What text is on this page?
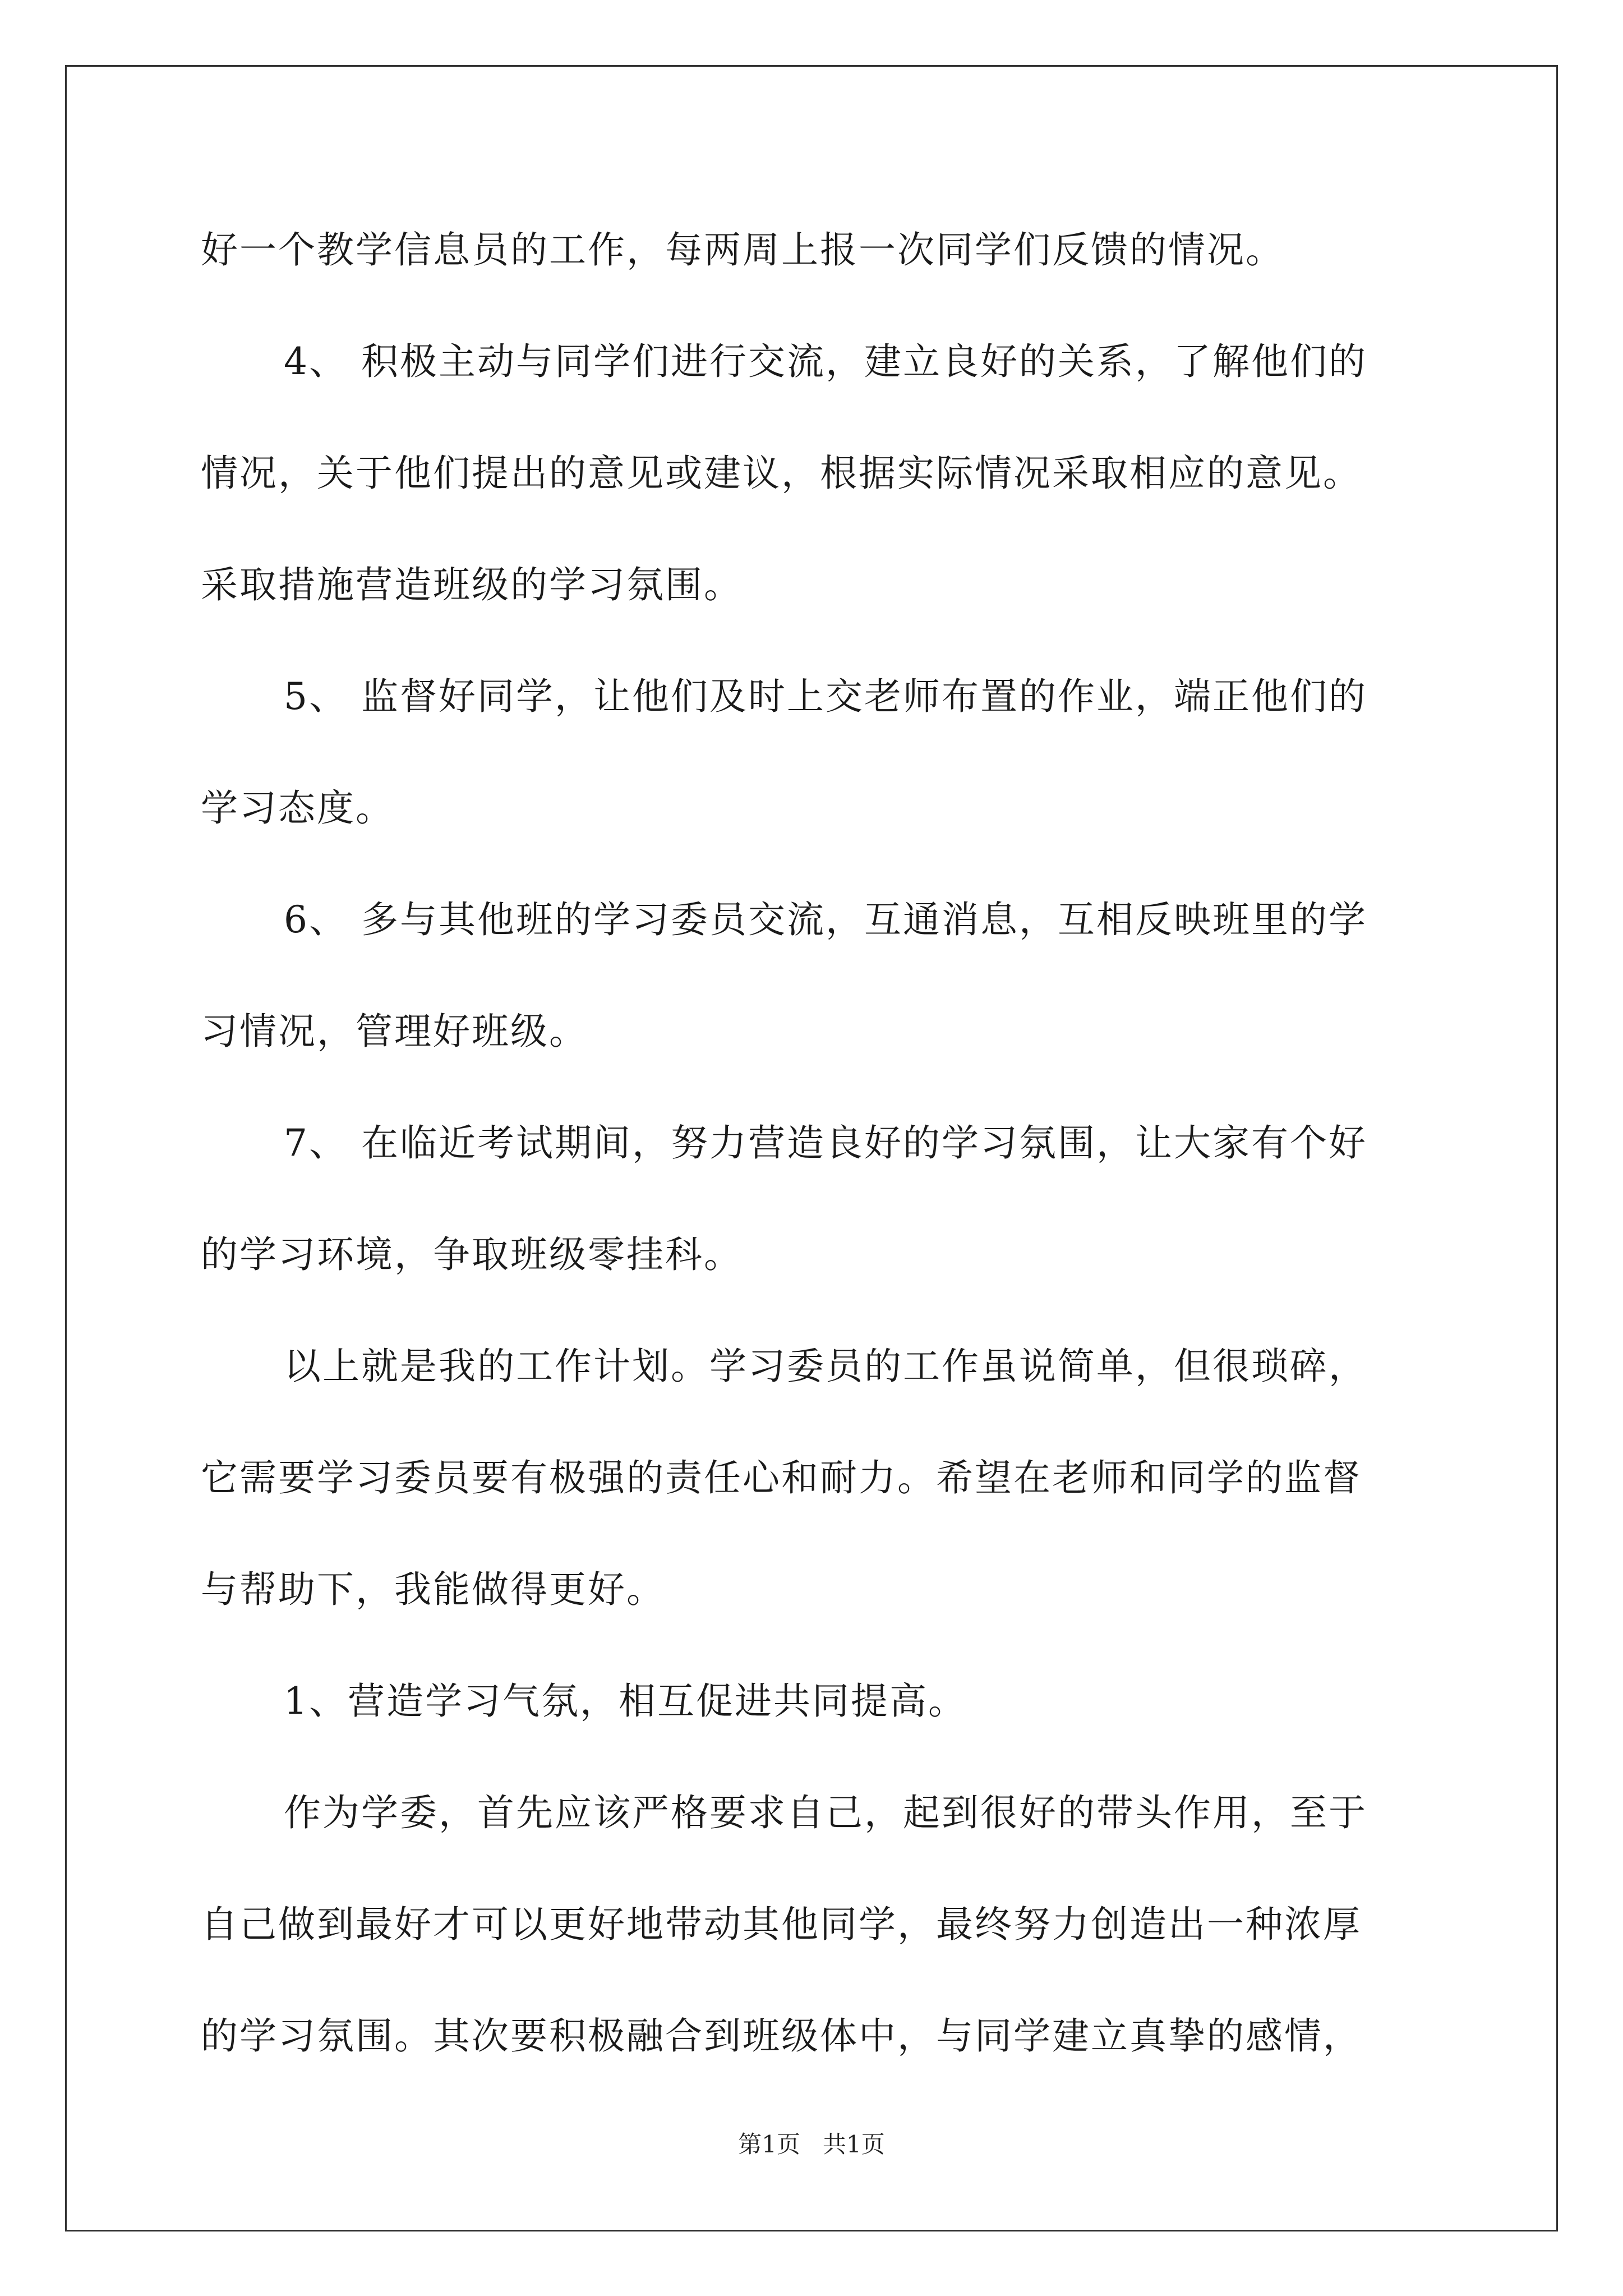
好一个教学信息员的工作，每两周上报一次同学们反馈的情况。
4、 积极主动与同学们进行交流，建立良好的关系，了解他们的
情况，关于他们提出的意见或建议，根据实际情况采取相应的意见。
采取措施营造班级的学习氛围。
5、 监督好同学，让他们及时上交老师布置的作业，端正他们的
学习态度。
6、 多与其他班的学习委员交流，互通消息，互相反映班里的学
习情况，管理好班级。
7、 在临近考试期间，努力营造良好的学习氛围，让大家有个好
的学习环境，争取班级零挂科。
以上就是我的工作计划。学习委员的工作虽说简单，但很琐碎，
它需要学习委员要有极强的责任心和耐力。希望在老师和同学的监督
与帮助下，我能做得更好。
1、营造学习气氛，相互促进共同提高。
作为学委，首先应该严格要求自己，起到很好的带头作用，至于
自己做到最好才可以更好地带动其他同学，最终努力创造出一种浓厚
的学习氛围。其次要积极融合到班级体中，与同学建立真挚的感情，
第1页   共1页
